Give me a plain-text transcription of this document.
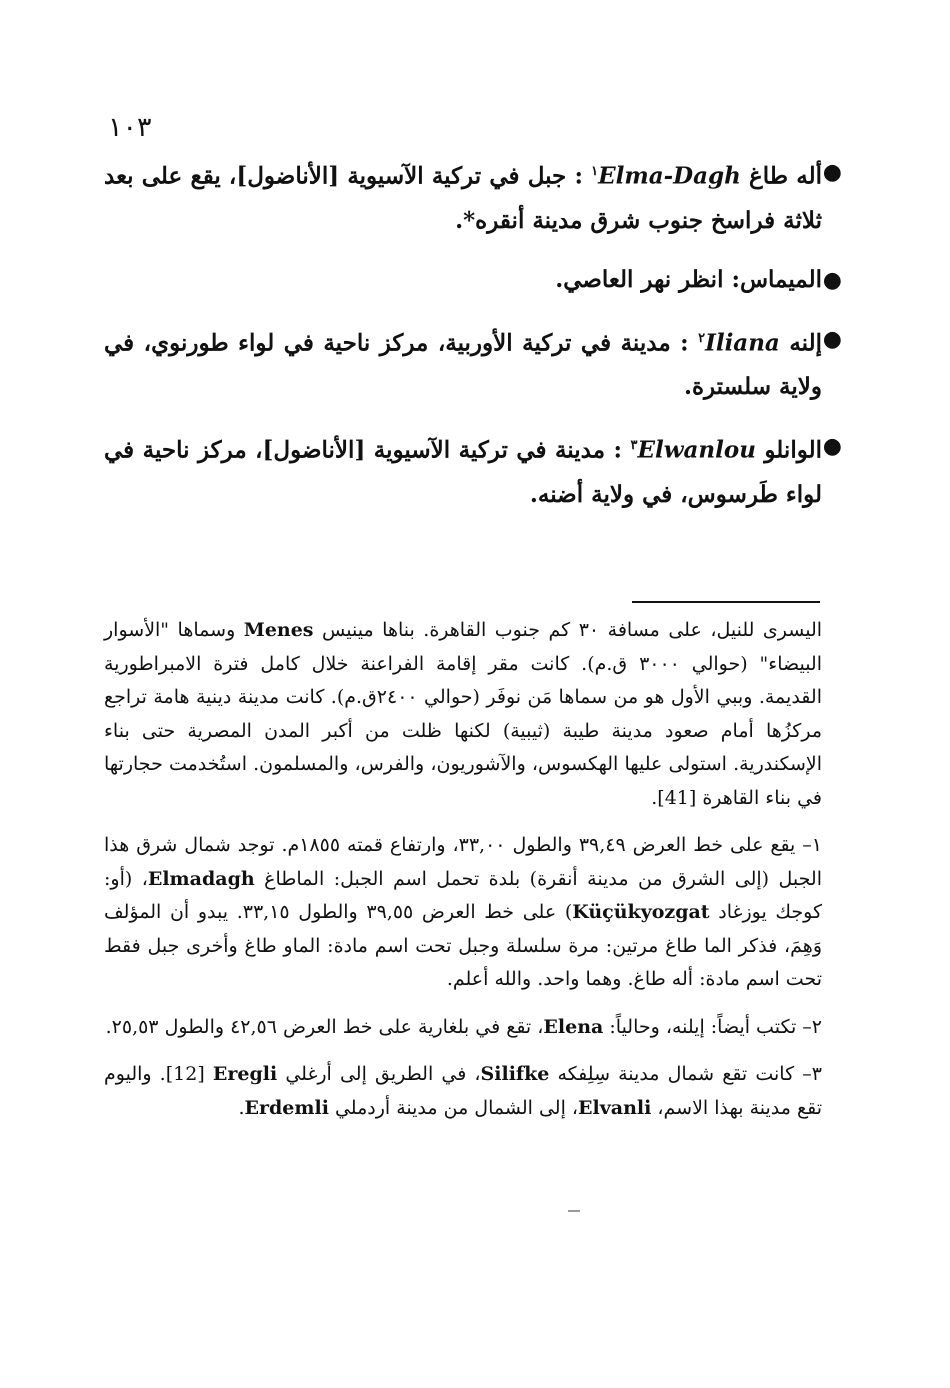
١٠٣
●
أله طاغ Elma-Dagh$^١$ : جبل في تركية الآسيوية [الأناضول]، يقع على بعد ثلاثة فراسخ جنوب شرق مدينة أنقره*.
●
الميماس: انظر نهر العاصي.
●
إلنه Iliana$^٢$ : مدينة في تركية الأوربية، مركز ناحية في لواء طورنوي، في ولاية سلسترة.
●
الوانلو Elwanlou$^٣$ : مدينة في تركية الآسيوية [الأناضول]، مركز ناحية في لواء طَرسوس، في ولاية أضنه.

اليسرى للنيل، على مسافة ٣٠ كم جنوب القاهرة. بناها مينيس Menes وسماها "الأسوار البيضاء" (حوالي ٣٠٠٠ ق.م). كانت مقر إقامة الفراعنة خلال كامل فترة الامبراطورية القديمة. وببي الأول هو من سماها مَن نوفَر (حوالي ٢٤٠٠ق.م). كانت مدينة دينية هامة تراجع مركزُها أمام صعود مدينة طيبة (ثيبية) لكنها ظلت من أكبر المدن المصرية حتى بناء الإسكندرية. استولى عليها الهكسوس، والآشوريون، والفرس، والمسلمون. استُخدمت حجارتها في بناء القاهرة [41].

١– يقع على خط العرض ٣٩,٤٩ والطول ٣٣,٠٠، وارتفاع قمته ١٨٥٥م. توجد شمال شرق هذا الجبل (إلى الشرق من مدينة أنقرة) بلدة تحمل اسم الجبل: الماطاغ Elmadagh، (أو: كوجك يوزغاد Küçükyozgat) على خط العرض ٣٩,٥٥ والطول ٣٣,١٥. يبدو أن المؤلف وَهِمَ، فذكر الما طاغ مرتين: مرة سلسلة وجبل تحت اسم مادة: الماو طاغ وأخرى جبل فقط تحت اسم مادة: أله طاغ. وهما واحد. والله أعلم.

٢– تكتب أيضاً: إيلنه، وحالياً: Elena، تقع في بلغارية على خط العرض ٤٢,٥٦ والطول ٢٥,٥٣.

٣– كانت تقع شمال مدينة سِلِفكه Silifke، في الطريق إلى أرغلي Eregli [12]. واليوم تقع مدينة بهذا الاسم، Elvanli، إلى الشمال من مدينة أردملي Erdemli.
